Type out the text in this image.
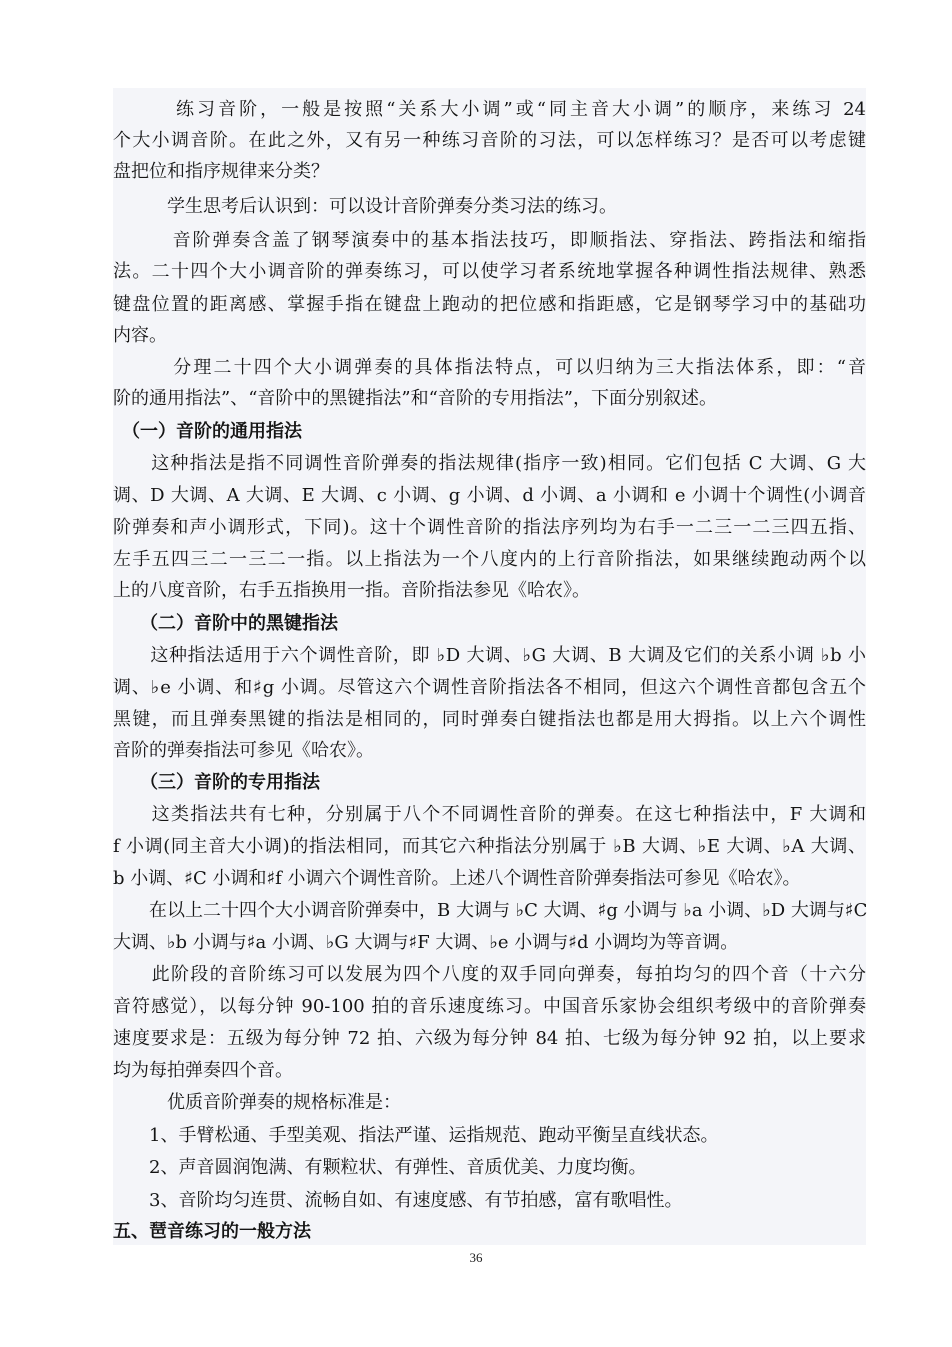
　　　练习音阶，一般是按照“关系大小调”或“同主音大小调”的顺序，来练习 24
个大小调音阶。在此之外，又有另一种练习音阶的习法，可以怎样练习？是否可以考虑键
盘把位和指序规律来分类？
　　　学生思考后认识到：可以设计音阶弹奏分类习法的练习。
　　　音阶弹奏含盖了钢琴演奏中的基本指法技巧，即顺指法、穿指法、跨指法和缩指
法。二十四个大小调音阶的弹奏练习，可以使学习者系统地掌握各种调性指法规律、熟悉
键盘位置的距离感、掌握手指在键盘上跑动的把位感和指距感，它是钢琴学习中的基础功
内容。
　　　分理二十四个大小调弹奏的具体指法特点，可以归纳为三大指法体系，即：“音
阶的通用指法”、“音阶中的黑键指法”和“音阶的专用指法”，下面分别叙述。
　（一）音阶的通用指法
　　这种指法是指不同调性音阶弹奏的指法规律(指序一致)相同。它们包括 C 大调、G 大
调、D 大调、A 大调、E 大调、c 小调、g 小调、d 小调、a 小调和 e 小调十个调性(小调音
阶弹奏和声小调形式，下同)。这十个调性音阶的指法序列均为右手一二三一二三四五指、
左手五四三二一三二一指。以上指法为一个八度内的上行音阶指法，如果继续跑动两个以
上的八度音阶，右手五指换用一指。音阶指法参见《哈农》。
　　（二）音阶中的黑键指法
　　这种指法适用于六个调性音阶，即 ♭D 大调、♭G 大调、B 大调及它们的关系小调 ♭b 小
调、♭e 小调、和♯g 小调。尽管这六个调性音阶指法各不相同，但这六个调性音都包含五个
黑键，而且弹奏黑键的指法是相同的，同时弹奏白键指法也都是用大拇指。以上六个调性
音阶的弹奏指法可参见《哈农》。
　　（三）音阶的专用指法
　　这类指法共有七种，分别属于八个不同调性音阶的弹奏。在这七种指法中，F 大调和
f 小调(同主音大小调)的指法相同，而其它六种指法分别属于 ♭B 大调、♭E 大调、♭A 大调、
b 小调、♯C 小调和♯f 小调六个调性音阶。上述八个调性音阶弹奏指法可参见《哈农》。
　　在以上二十四个大小调音阶弹奏中，B 大调与 ♭C 大调、♯g 小调与 ♭a 小调、♭D 大调与♯C
大调、♭b 小调与♯a 小调、♭G 大调与♯F 大调、♭e 小调与♯d 小调均为等音调。
　　此阶段的音阶练习可以发展为四个八度的双手同向弹奏，每拍均匀的四个音（十六分
音符感觉），以每分钟 90-100 拍的音乐速度练习。中国音乐家协会组织考级中的音阶弹奏
速度要求是：五级为每分钟 72 拍、六级为每分钟 84 拍、七级为每分钟 92 拍，以上要求
均为每拍弹奏四个音。
　　　优质音阶弹奏的规格标准是：
　　1、手臂松通、手型美观、指法严谨、运指规范、跑动平衡呈直线状态。
　　2、声音圆润饱满、有颗粒状、有弹性、音质优美、力度均衡。
　　3、音阶均匀连贯、流畅自如、有速度感、有节拍感，富有歌唱性。
五、琶音练习的一般方法
36
